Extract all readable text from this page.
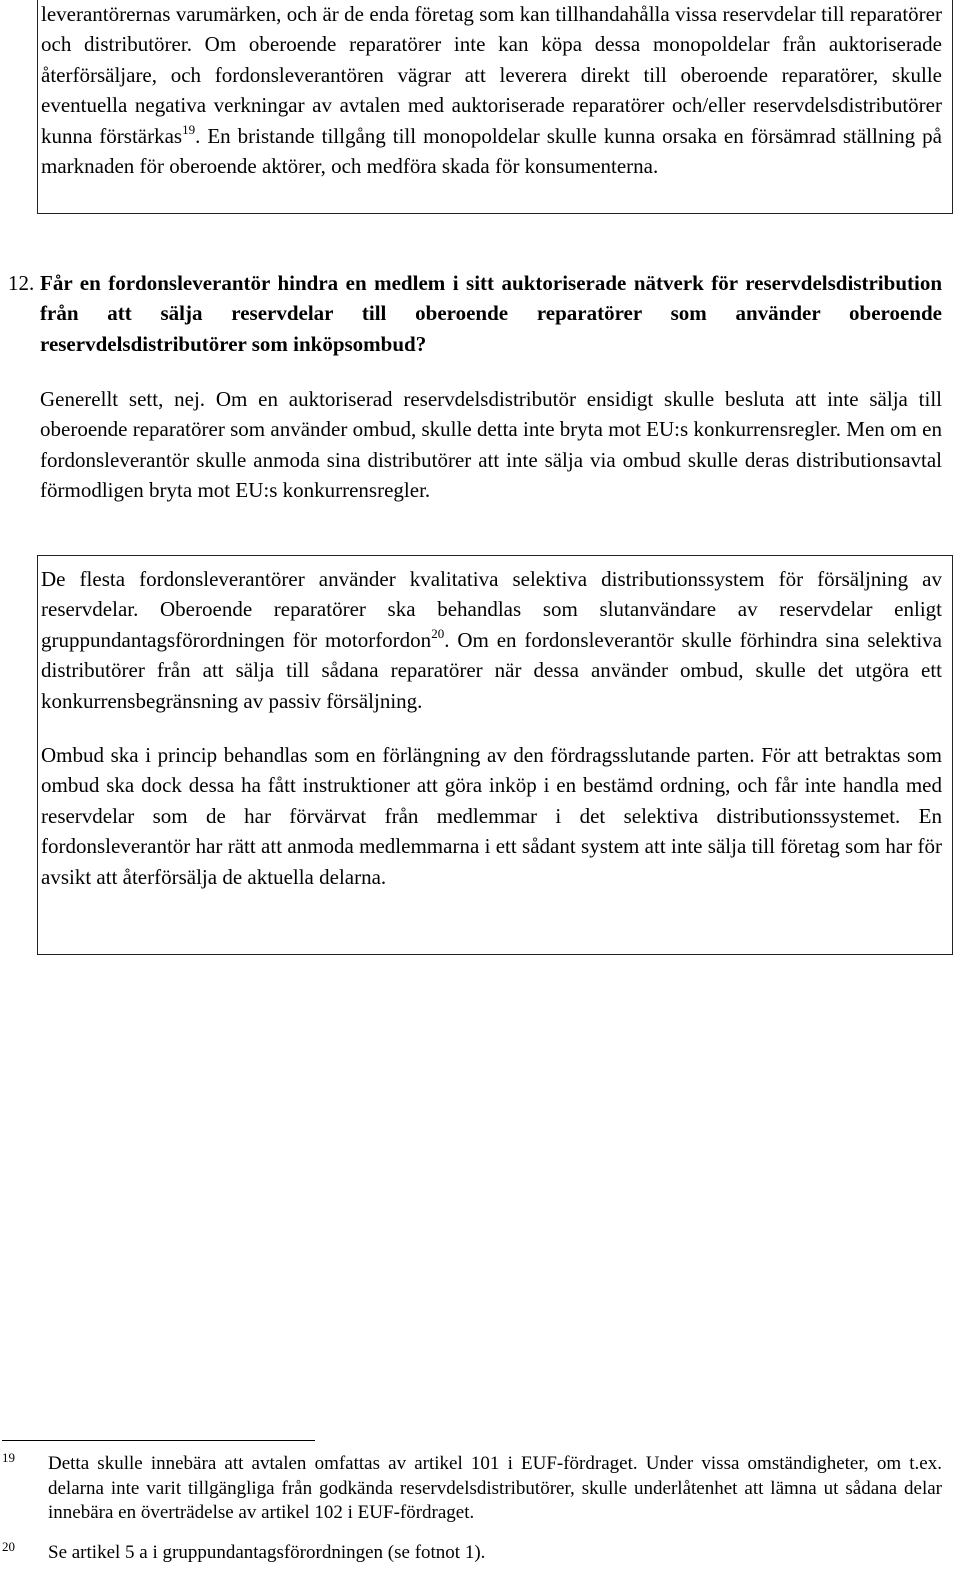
leverantörernas varumärken, och är de enda företag som kan tillhandahålla vissa reservdelar till reparatörer och distributörer. Om oberoende reparatörer inte kan köpa dessa monopoldelar från auktoriserade återförsäljare, och fordonsleverantören vägrar att leverera direkt till oberoende reparatörer, skulle eventuella negativa verkningar av avtalen med auktoriserade reparatörer och/eller reservdelsdistributörer kunna förstärkas$^{19}$. En bristande tillgång till monopoldelar skulle kunna orsaka en försämrad ställning på marknaden för oberoende aktörer, och medföra skada för konsumenterna.

12. Får en fordonsleverantör hindra en medlem i sitt auktoriserade nätverk för reservdelsdistribution från att sälja reservdelar till oberoende reparatörer som använder oberoende reservdelsdistributörer som inköpsombud?

Generellt sett, nej. Om en auktoriserad reservdelsdistributör ensidigt skulle besluta att inte sälja till oberoende reparatörer som använder ombud, skulle detta inte bryta mot EU:s konkurrensregler. Men om en fordonsleverantör skulle anmoda sina distributörer att inte sälja via ombud skulle deras distributionsavtal förmodligen bryta mot EU:s konkurrensregler.

De flesta fordonsleverantörer använder kvalitativa selektiva distributionssystem för försäljning av reservdelar. Oberoende reparatörer ska behandlas som slutanvändare av reservdelar enligt gruppundantagsförordningen för motorfordon$^{20}$. Om en fordonsleverantör skulle förhindra sina selektiva distributörer från att sälja till sådana reparatörer när dessa använder ombud, skulle det utgöra ett konkurrensbegränsning av passiv försäljning.

Ombud ska i princip behandlas som en förlängning av den fördragsslutande parten. För att betraktas som ombud ska dock dessa ha fått instruktioner att göra inköp i en bestämd ordning, och får inte handla med reservdelar som de har förvärvat från medlemmar i det selektiva distributionssystemet. En fordonsleverantör har rätt att anmoda medlemmarna i ett sådant system att inte sälja till företag som har för avsikt att återförsälja de aktuella delarna.

19 Detta skulle innebära att avtalen omfattas av artikel 101 i EUF-fördraget. Under vissa omständigheter, om t.ex. delarna inte varit tillgängliga från godkända reservdelsdistributörer, skulle underlåtenhet att lämna ut sådana delar innebära en överträdelse av artikel 102 i EUF-fördraget.
20 Se artikel 5 a i gruppundantagsförordningen (se fotnot 1).
